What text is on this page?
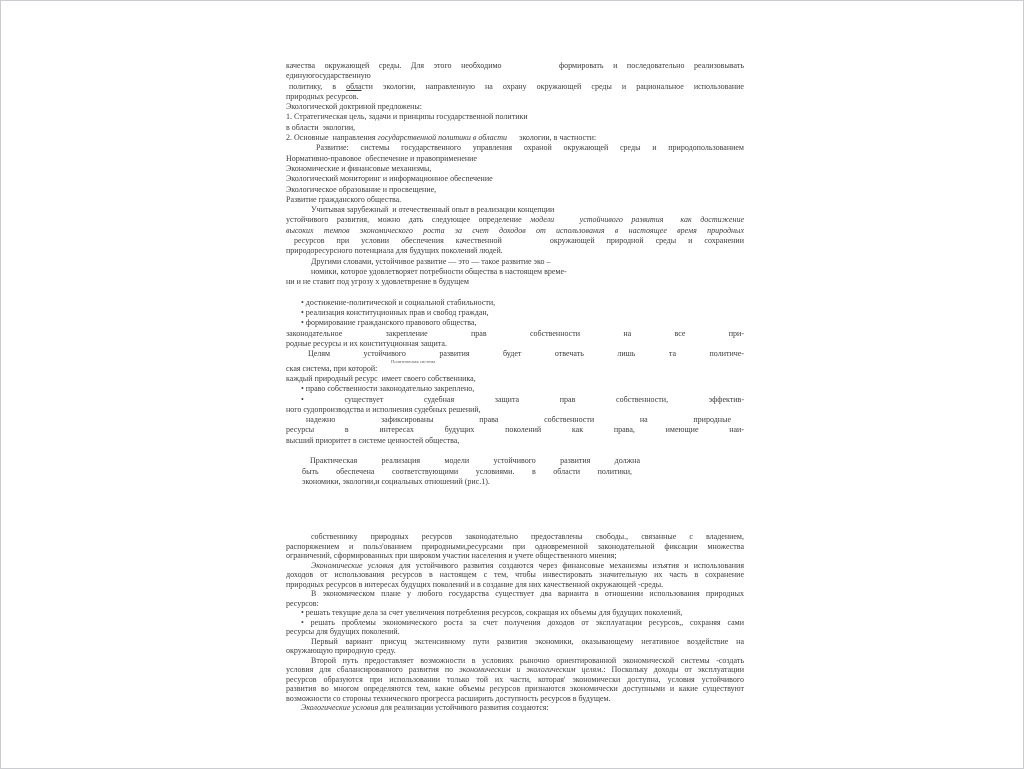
качества окружающей среды. Для этого необходимо      формировать и последовательно реализовывать
единуюгосударственную
политику, в области экологии, направленную на охрану окружающей среды и рациональное использование
природных ресурсов.
Экологической доктриной предложены:
1. Стратегическая цель, задачи и принципы государственной политики
в области  экологии,
2. Основные  направления государственной политики в области      экологии, в частности:
Развитие: системы государственного управления охраной окружающей среды и природопользованием
Нормативно-правовое  обеспечение и правоприменение
Экономические и финансовые механизмы,
Экологический мониторинг и информационное обеспечение
Экологическое образование и просвещение,
Развитие гражданского общества.
Учитывая зарубежный  и отечественный опыт в реализации концепции
устойчивого развития, можно дать следующее определение модели   устойчивого развития  как достижение
высоких темпов экономического роста за счет доходов от использования в настоящее время природных
ресурсов при условии обеспечения качественной    окружающей природной среды и сохранении
природоресурсного потенциала для будущих поколений людей.
Другими словами, устойчивое развитие — это — такое развитие эко –
номики, которое удовлетворяет потребности общества в настоящем време-
ни и не ставит под угрозу х удовлетврение в будущем

• достижение-политической и социальной стабильности,
• реализация конституционных прав и свобод граждан,
• формирование гражданского правового общества,
законодательное закрепление прав собственности на все при-
родные ресурсы и их конституционная защита.
Целям устойчивого развития будет отвечать лишь та политиче-
Политическая система
ская система, при которой:
каждый природный ресурс  имеет своего собственника,
• право собственности законодательно закреплено,
• существует судебная защита прав собственности, эффектив-
ного судопроизводства и исполнения судебных решений,
надежно зафиксированы права собственности на природные
ресурсы в интересах будущих поколений как права, имеющие наи-
высший приоритет в системе ценностей общества,

Практическая реализация модели устойчивого развития должна
быть обеспечена соответствующими условиями. в области политики,
экономики, экологии,и социальных отношений (рис.1).
собственнику природных ресурсов законодательно предоставлены свободы., связанные с владением,
распоряжением и польз'ованием природными,ресурсами при одновременной законодательной фиксации множества
ограничений, сформированных при широком участии населения и учете общественного мнения;
Экономические условия для устойчивого развития создаются через финансовые механизмы изъятия и использования
доходов от использования ресурсов в настоящем с тем, чтобы инвестировать значительную их часть в сохранение
природных ресурсов в интересах будущих поколений и в создание для них качественной окружающей -среды.
В экономическом плане у любого государства существует два варианта в отношении использования природных
ресурсов:
• решать текущие дела за счет увеличения потребления ресурсов, сокращая их объемы для будущих поколений,
• решать проблемы экономического роста за счет получения доходов от эксплуатации ресурсов,, сохраняя сами
ресурсы для будущих поколений.
Первый вариант присущ экстенсивному пути развития экономики, оказывающему негативное воздействие на
окружающую природную среду.
Второй путь предоставляет возможности в условиях рыночно ориентированной экономической системы -создать
условия для сбалансированного развития по экономическим и экологическим целям.: Поскольку доходы от эксплуатации
ресурсов образуются при использовании только той их части, которая' экономически доступна, условия устойчивого
развития во многом определяются тем, какие объемы ресурсов признаются экономически доступными и какие существуют
возможности со стороны технического прогресса расширить доступность ресурсов в будущем.
Экологические условия для реализации устойчивого развития создаются:
